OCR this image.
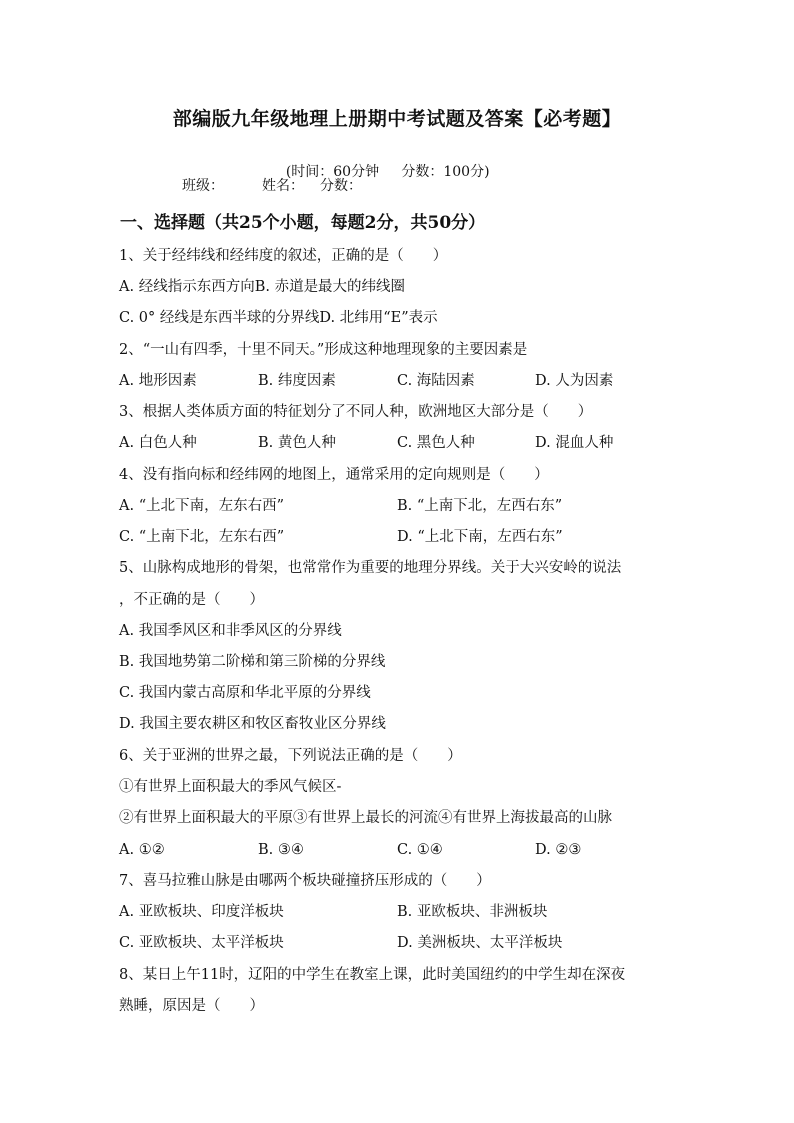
部编版九年级地理上册期中考试题及答案【必考题】

(时间：60分钟 分数：100分)

班级：	姓名： 分数：
一、选择题（共25个小题，每题2分，共50分）
1、关于经纬线和经纬度的叙述，正确的是（　　）
A. 经线指示东西方向B. 赤道是最大的纬线圈
C. 0° 经线是东西半球的分界线D. 北纬用“E”表示
2、“一山有四季，十里不同天。”形成这种地理现象的主要因素是
A. 地形因素	B. 纬度因素	C. 海陆因素	D. 人为因素
3、根据人类体质方面的特征划分了不同人种，欧洲地区大部分是（　　）
A. 白色人种	B. 黄色人种	C. 黑色人种	D. 混血人种
4、没有指向标和经纬网的地图上，通常采用的定向规则是（　　）
A. “上北下南，左东右西”	B. “上南下北，左西右东”
C. “上南下北，左东右西”	D. “上北下南，左西右东”
5、山脉构成地形的骨架，也常常作为重要的地理分界线。关于大兴安岭的说法
，不正确的是（　　）
A. 我国季风区和非季风区的分界线
B. 我国地势第二阶梯和第三阶梯的分界线
C. 我国内蒙古高原和华北平原的分界线
D. 我国主要农耕区和牧区畜牧业区分界线
6、关于亚洲的世界之最，下列说法正确的是（　　）
①有世界上面积最大的季风气候区-
②有世界上面积最大的平原③有世界上最长的河流④有世界上海拔最高的山脉
A. ①②	B. ③④	C. ①④	D. ②③
7、喜马拉雅山脉是由哪两个板块碰撞挤压形成的（　　）
A. 亚欧板块、印度洋板块	B. 亚欧板块、非洲板块
C. 亚欧板块、太平洋板块	D. 美洲板块、太平洋板块
8、某日上午11时，辽阳的中学生在教室上课，此时美国纽约的中学生却在深夜
熟睡，原因是（　　）
